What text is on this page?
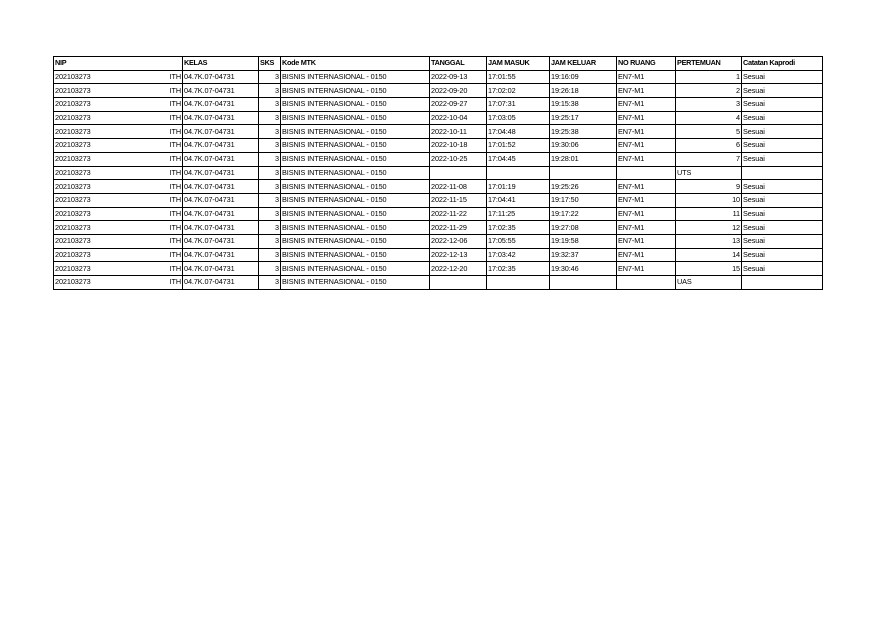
NIP		KELAS	SKS	Kode MTK	TANGGAL	JAM MASUK	JAM KELUAR	NO RUANG	PERTEMUAN	Catatan Kaprodi
202103273	ITH	04.7K.07-04731	3	BISNIS INTERNASIONAL - 0150	2022-09-13	17:01:55	19:16:09	EN7-M1	1	Sesuai
202103273	ITH	04.7K.07-04731	3	BISNIS INTERNASIONAL - 0150	2022-09-20	17:02:02	19:26:18	EN7-M1	2	Sesuai
202103273	ITH	04.7K.07-04731	3	BISNIS INTERNASIONAL - 0150	2022-09-27	17:07:31	19:15:38	EN7-M1	3	Sesuai
202103273	ITH	04.7K.07-04731	3	BISNIS INTERNASIONAL - 0150	2022-10-04	17:03:05	19:25:17	EN7-M1	4	Sesuai
202103273	ITH	04.7K.07-04731	3	BISNIS INTERNASIONAL - 0150	2022-10-11	17:04:48	19:25:38	EN7-M1	5	Sesuai
202103273	ITH	04.7K.07-04731	3	BISNIS INTERNASIONAL - 0150	2022-10-18	17:01:52	19:30:06	EN7-M1	6	Sesuai
202103273	ITH	04.7K.07-04731	3	BISNIS INTERNASIONAL - 0150	2022-10-25	17:04:45	19:28:01	EN7-M1	7	Sesuai
202103273	ITH	04.7K.07-04731	3	BISNIS INTERNASIONAL - 0150					UTS	
202103273	ITH	04.7K.07-04731	3	BISNIS INTERNASIONAL - 0150	2022-11-08	17:01:19	19:25:26	EN7-M1	9	Sesuai
202103273	ITH	04.7K.07-04731	3	BISNIS INTERNASIONAL - 0150	2022-11-15	17:04:41	19:17:50	EN7-M1	10	Sesuai
202103273	ITH	04.7K.07-04731	3	BISNIS INTERNASIONAL - 0150	2022-11-22	17:11:25	19:17:22	EN7-M1	11	Sesuai
202103273	ITH	04.7K.07-04731	3	BISNIS INTERNASIONAL - 0150	2022-11-29	17:02:35	19:27:08	EN7-M1	12	Sesuai
202103273	ITH	04.7K.07-04731	3	BISNIS INTERNASIONAL - 0150	2022-12-06	17:05:55	19:19:58	EN7-M1	13	Sesuai
202103273	ITH	04.7K.07-04731	3	BISNIS INTERNASIONAL - 0150	2022-12-13	17:03:42	19:32:37	EN7-M1	14	Sesuai
202103273	ITH	04.7K.07-04731	3	BISNIS INTERNASIONAL - 0150	2022-12-20	17:02:35	19:30:46	EN7-M1	15	Sesuai
202103273	ITH	04.7K.07-04731	3	BISNIS INTERNASIONAL - 0150					UAS	
